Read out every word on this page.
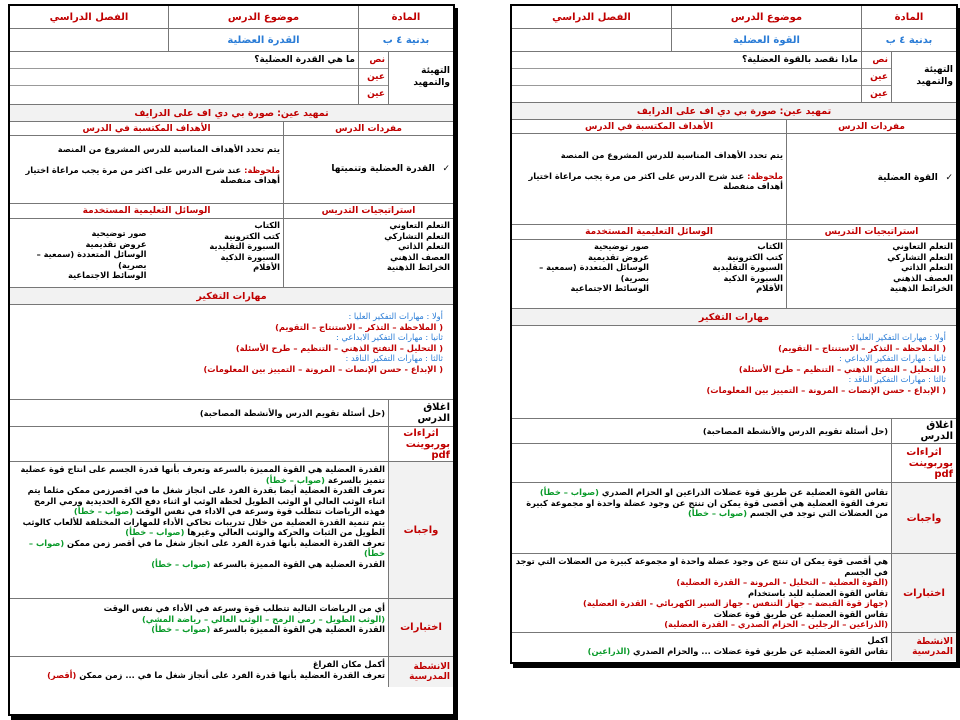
المادة
موضوع الدرس
الفصل الدراسي
بدنية ٤ ب
القدرة العضلية
التهيئة والتمهيد
نص
عين
عين
ما هي القدرة العضلية؟
تمهيد عين:

صورة بي دي اف على الدرايف
مفردات الدرس
الأهداف المكتسبة في الدرس
✓

القدرة العضلية وتنميتها
يتم تحدد الأهداف المناسبة للدرس المشروع من المنصة
ملحوظة: عند شرح الدرس على اكثر من مرة يجب مراعاة اختيار
أهداف منفصلة
استراتيجيات التدريس
الوسائل التعليمية المستخدمة
التعلم التعاوني
التعلم التشاركي
التعلم الذاتي
العصف الذهني
الخرائط الذهنية
الكتاب
كتب الكترونية
السبورة التقليدية
السبورة الذكية
الأقلام
صور توضيحية
عروض تقديمية
الوسائل المتعددة (سمعية – بصرية)
الوسائط الاجتماعية
مهارات التفكير
أولا : مهارات التفكير العليا :
( الملاحظة – التذكر – الاستنتاج – التقويم)
ثانيا : مهارات التفكير الابداعي :
( التحليل – التفتح الذهني – التنظيم – طرح الأسئلة)
ثالثا : مهارات التفكير الناقد :
( الإبداع - حسن الإنصات – المرونة – التمييز بين المعلومات)
اغلاق الدرس
(حل أسئلة تقويم الدرس والأنشطة المصاحبة)
اثراءات
بوربوينت pdf
واجبات
القدرة العضلية هي القوة المميزة بالسرعة وتعرف بأنها قدرة الجسم على انتاج قوة عضلية تتميز بالسرعة (صواب – خطأ)
تعرف القدرة العضلية أيضا بقدرة الفرد على انجاز شغل ما في اقصرزمن ممكن مثلما يتم اثناء الوثب العالي او الوثب الطويل لحظة الوثب او اثناء دفع الكرة الحديدية ورمي الرمح فهذه الرياضات تتطلب قوة وسرعة في الاداء في نفس الوقت (صواب – خطأ)
يتم تنمية القدرة العضلية من خلال تدريبات تحاكي الأداء للمهارات المختلفة للألعاب كالوثب الطويل من الثبات والحركة والوثب العالي وغيرها (صواب – خطأ)
تعرف القدرة العضلية بأنها قدرة الفرد على انجاز شغل ما في أقصر زمن ممكن (صواب – خطأ)
القدرة العضلية هي القوة المميزة بالسرعة (صواب – خطأ)
اختبارات
أي من الرياضات التالية تتطلب قوة وسرعة في الأداء في نفس الوقت
(الوثب الطويل – رمي الرمح – الوثب العالي – رياضة المشي)
القدرة العضلية هي القوة المميزة بالسرعة (صواب – خطأ)
الانشطة المدرسية
أكمل مكان الفراغ
تعرف القدرة العضلية بأنها قدرة الفرد على أنجاز شغل ما في ... زمن ممكن (أقصر)
المادة
موضوع الدرس
الفصل الدراسي
بدنية ٤ ب
القوة العضلية
التهيئة والتمهيد
نص
عين
عين
ماذا نقصد بالقوة العضلية؟
تمهيد عين:

صورة بي دي اف على الدرايف
مفردات الدرس
الأهداف المكتسبة في الدرس
✓

القوة العضلية
يتم تحدد الأهداف المناسبة للدرس المشروع من المنصة
ملحوظة: عند شرح الدرس على اكثر من مرة يجب مراعاة اختيار
أهداف منفصلة
استراتيجيات التدريس
الوسائل التعليمية المستخدمة
التعلم التعاوني
التعلم التشاركي
التعلم الذاتي
العصف الذهني
الخرائط الذهنية
الكتاب
كتب الكترونية
السبورة التقليدية
السبورة الذكية
الأقلام
صور توضيحية
عروض تقديمية
الوسائل المتعددة (سمعية – بصرية)
الوسائط الاجتماعية
مهارات التفكير
أولا : مهارات التفكير العليا :
( الملاحظة – التذكر – الاستنتاج – التقويم)
ثانيا : مهارات التفكير الابداعي :
( التحليل – التفتح الذهني – التنظيم – طرح الأسئلة)
ثالثا : مهارات التفكير الناقد :
( الإبداع - حسن الإنصات – المرونة – التمييز بين المعلومات)
اغلاق الدرس
(حل أسئلة تقويم الدرس والأنشطة المصاحبة)
اثراءات
بوربوينت pdf
واجبات
تقاس القوة العضلية عن طريق قوة عضلات الذراعين او الحزام الصدري (صواب – خطأ)
تعرف القوة العضلية هي أقصى قوة يمكن ان تنتج عن وجود عضلة واحدة او مجموعة كبيرة من العضلات التي توجد في الجسم (صواب – خطأ)
اختبارات
هي أقصى قوة يمكن ان تنتج عن وجود عضلة واحدة او مجموعة كبيرة من العضلات التي توجد في الجسم
(القوة العضلية – التحليل - المرونة – القدرة العضلية)
تقاس القوة العضلية لليد باستخدام
(جهاز قوة القبضة – جهاز التنفس - جهاز السير الكهربائي - القدرة العضلية)
تقاس القوة العضلية عن طريق قوة عضلات
(الذراعين – الرجلين – الحزام الصدري – القدرة العضلية)
الانشطة المدرسية
اكمل
تقاس القوة العضلية عن طريق قوة عضلات ... والحزام الصدري (الذراعين)
